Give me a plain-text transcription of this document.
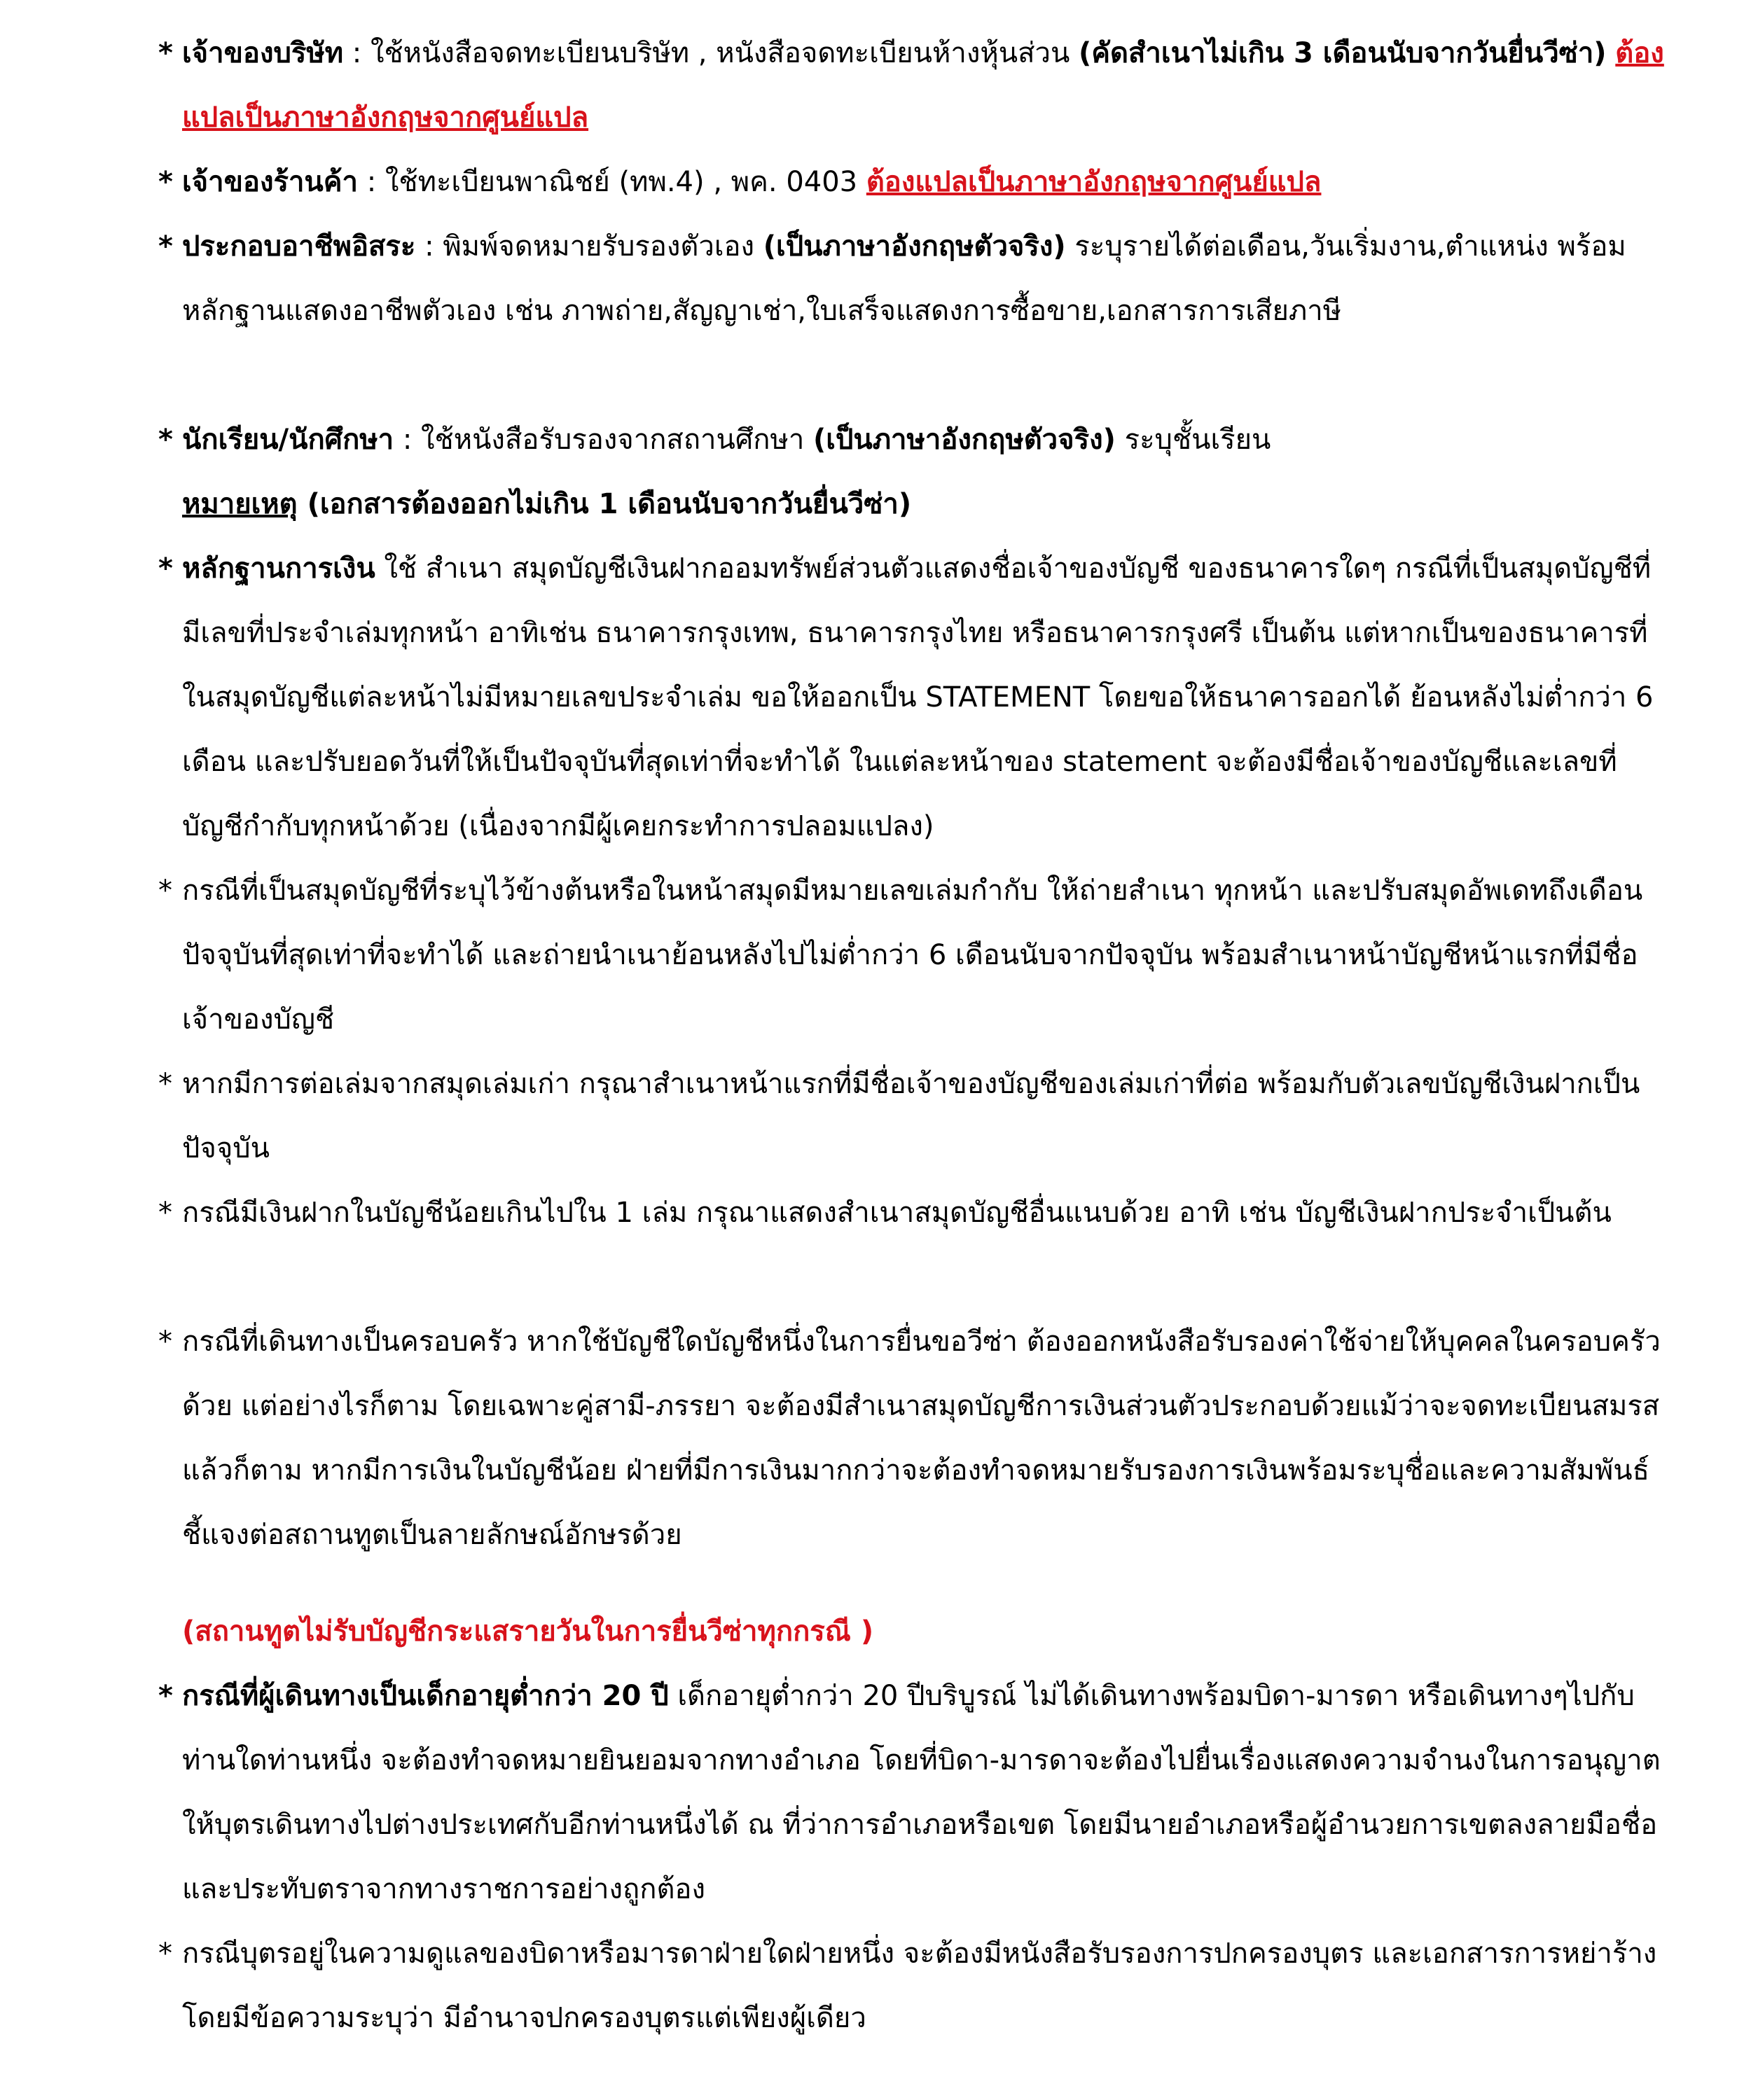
* เจ้าของบริษัท : ใช้หนังสือจดทะเบียนบริษัท , หนังสือจดทะเบียนห้างหุ้นส่วน (คัดสำเนาไม่เกิน 3 เดือนนับจากวันยื่นวีซ่า) ต้องแปลเป็นภาษาอังกฤษจากศูนย์แปล
* เจ้าของร้านค้า : ใช้ทะเบียนพาณิชย์ (ทพ.4) , พค. 0403 ต้องแปลเป็นภาษาอังกฤษจากศูนย์แปล
* ประกอบอาชีพอิสระ : พิมพ์จดหมายรับรองตัวเอง (เป็นภาษาอังกฤษตัวจริง) ระบุรายได้ต่อเดือน,วันเริ่มงาน,ตำแหน่ง พร้อมหลักฐานแสดงอาชีพตัวเอง เช่น ภาพถ่าย,สัญญาเช่า,ใบเสร็จแสดงการซื้อขาย,เอกสารการเสียภาษี
* นักเรียน/นักศึกษา : ใช้หนังสือรับรองจากสถานศึกษา (เป็นภาษาอังกฤษตัวจริง) ระบุชั้นเรียน
หมายเหตุ (เอกสารต้องออกไม่เกิน 1 เดือนนับจากวันยื่นวีซ่า)
* หลักฐานการเงิน ใช้ สำเนา สมุดบัญชีเงินฝากออมทรัพย์ส่วนตัวแสดงชื่อเจ้าของบัญชี ของธนาคารใดๆ กรณีที่เป็นสมุดบัญชีที่มีเลขที่ประจำเล่มทุกหน้า อาทิเช่น ธนาคารกรุงเทพ, ธนาคารกรุงไทย หรือธนาคารกรุงศรี เป็นต้น แต่หากเป็นของธนาคารที่ในสมุดบัญชีแต่ละหน้าไม่มีหมายเลขประจำเล่ม ขอให้ออกเป็น STATEMENT โดยขอให้ธนาคารออกได้ ย้อนหลังไม่ต่ำกว่า 6 เดือน และปรับยอดวันที่ให้เป็นปัจจุบันที่สุดเท่าที่จะทำได้ ในแต่ละหน้าของ statement จะต้องมีชื่อเจ้าของบัญชีและเลขที่บัญชีกำกับทุกหน้าด้วย (เนื่องจากมีผู้เคยกระทำการปลอมแปลง)
* กรณีที่เป็นสมุดบัญชีที่ระบุไว้ข้างต้นหรือในหน้าสมุดมีหมายเลขเล่มกำกับ ให้ถ่ายสำเนา ทุกหน้า และปรับสมุดอัพเดทถึงเดือนปัจจุบันที่สุดเท่าที่จะทำได้ และถ่ายนำเนาย้อนหลังไปไม่ต่ำกว่า 6 เดือนนับจากปัจจุบัน พร้อมสำเนาหน้าบัญชีหน้าแรกที่มีชื่อเจ้าของบัญชี
* หากมีการต่อเล่มจากสมุดเล่มเก่า กรุณาสำเนาหน้าแรกที่มีชื่อเจ้าของบัญชีของเล่มเก่าที่ต่อ พร้อมกับตัวเลขบัญชีเงินฝากเป็นปัจจุบัน
* กรณีมีเงินฝากในบัญชีน้อยเกินไปใน 1 เล่ม กรุณาแสดงสำเนาสมุดบัญชีอื่นแนบด้วย อาทิ เช่น บัญชีเงินฝากประจำเป็นต้น
* กรณีที่เดินทางเป็นครอบครัว หากใช้บัญชีใดบัญชีหนึ่งในการยื่นขอวีซ่า ต้องออกหนังสือรับรองค่าใช้จ่ายให้บุคคลในครอบครัวด้วย แต่อย่างไรก็ตาม โดยเฉพาะคู่สามี-ภรรยา จะต้องมีสำเนาสมุดบัญชีการเงินส่วนตัวประกอบด้วยแม้ว่าจะจดทะเบียนสมรสแล้วก็ตาม หากมีการเงินในบัญชีน้อย ฝ่ายที่มีการเงินมากกว่าจะต้องทำจดหมายรับรองการเงินพร้อมระบุชื่อและความสัมพันธ์ชี้แจงต่อสถานทูตเป็นลายลักษณ์อักษรด้วย
(สถานทูตไม่รับบัญชีกระแสรายวันในการยื่นวีซ่าทุกกรณี )
* กรณีที่ผู้เดินทางเป็นเด็กอายุต่ำกว่า 20 ปี เด็กอายุต่ำกว่า 20 ปีบริบูรณ์ ไม่ได้เดินทางพร้อมบิดา-มารดา หรือเดินทางๆไปกับท่านใดท่านหนึ่ง จะต้องทำจดหมายยินยอมจากทางอำเภอ โดยที่บิดา-มารดาจะต้องไปยื่นเรื่องแสดงความจำนงในการอนุญาตให้บุตรเดินทางไปต่างประเทศกับอีกท่านหนึ่งได้ ณ ที่ว่าการอำเภอหรือเขต โดยมีนายอำเภอหรือผู้อำนวยการเขตลงลายมือชื่อและประทับตราจากทางราชการอย่างถูกต้อง
* กรณีบุตรอยู่ในความดูแลของบิดาหรือมารดาฝ่ายใดฝ่ายหนึ่ง จะต้องมีหนังสือรับรองการปกครองบุตร และเอกสารการหย่าร้าง โดยมีข้อความระบุว่า มีอำนาจปกครองบุตรแต่เพียงผู้เดียว
